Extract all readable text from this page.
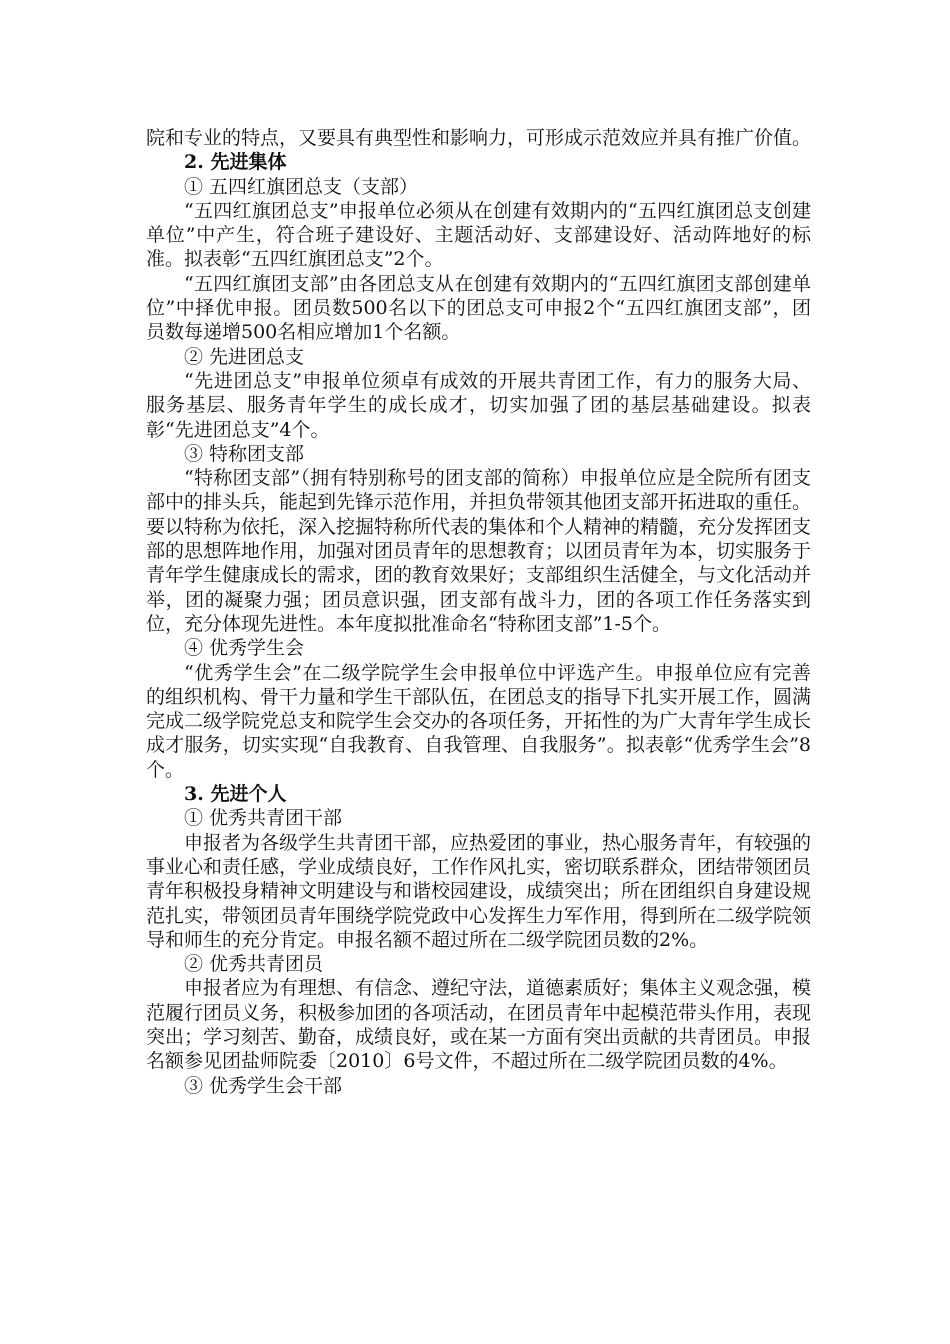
院和专业的特点，又要具有典型性和影响力，可形成示范效应并具有推广价值。

2. 先进集体

① 五四红旗团总支（支部）

“五四红旗团总支”申报单位必须从在创建有效期内的“五四红旗团总支创建单位”中产生，符合班子建设好、主题活动好、支部建设好、活动阵地好的标准。拟表彰“五四红旗团总支”2个。

“五四红旗团支部”由各团总支从在创建有效期内的“五四红旗团支部创建单位”中择优申报。团员数500名以下的团总支可申报2个“五四红旗团支部”，团员数每递增500名相应增加1个名额。

② 先进团总支

“先进团总支”申报单位须卓有成效的开展共青团工作，有力的服务大局、服务基层、服务青年学生的成长成才，切实加强了团的基层基础建设。拟表彰“先进团总支”4个。

③ 特称团支部

“特称团支部”（拥有特别称号的团支部的简称）申报单位应是全院所有团支部中的排头兵，能起到先锋示范作用，并担负带领其他团支部开拓进取的重任。要以特称为依托，深入挖掘特称所代表的集体和个人精神的精髓，充分发挥团支部的思想阵地作用，加强对团员青年的思想教育；以团员青年为本，切实服务于青年学生健康成长的需求，团的教育效果好；支部组织生活健全，与文化活动并举，团的凝聚力强；团员意识强，团支部有战斗力，团的各项工作任务落实到位，充分体现先进性。本年度拟批准命名“特称团支部”1-5个。

④ 优秀学生会

“优秀学生会”在二级学院学生会申报单位中评选产生。申报单位应有完善的组织机构、骨干力量和学生干部队伍，在团总支的指导下扎实开展工作，圆满完成二级学院党总支和院学生会交办的各项任务，开拓性的为广大青年学生成长成才服务，切实实现“自我教育、自我管理、自我服务”。拟表彰“优秀学生会”8个。

3. 先进个人

① 优秀共青团干部

申报者为各级学生共青团干部，应热爱团的事业，热心服务青年，有较强的事业心和责任感，学业成绩良好，工作作风扎实，密切联系群众，团结带领团员青年积极投身精神文明建设与和谐校园建设，成绩突出；所在团组织自身建设规范扎实，带领团员青年围绕学院党政中心发挥生力军作用，得到所在二级学院领导和师生的充分肯定。申报名额不超过所在二级学院团员数的2%。

② 优秀共青团员

申报者应为有理想、有信念、遵纪守法，道德素质好；集体主义观念强，模范履行团员义务，积极参加团的各项活动，在团员青年中起模范带头作用，表现突出；学习刻苦、勤奋，成绩良好，或在某一方面有突出贡献的共青团员。申报名额参见团盐师院委〔2010〕6号文件，不超过所在二级学院团员数的4%。

③ 优秀学生会干部
